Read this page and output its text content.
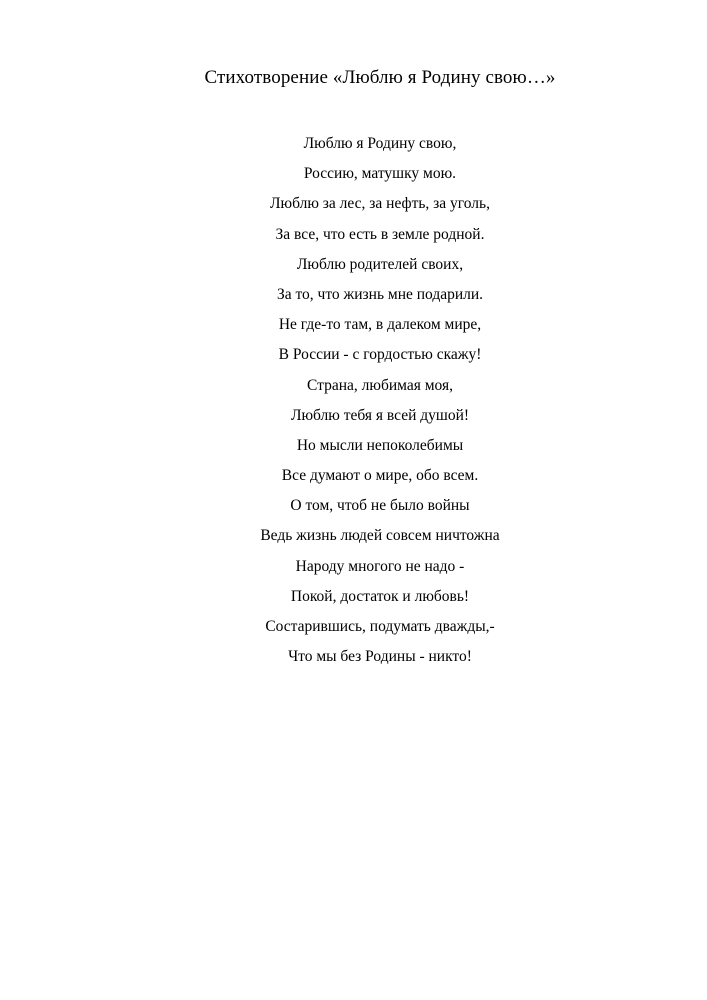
Стихотворение «Люблю я Родину свою…»
Люблю я Родину свою,
Россию, матушку мою.
Люблю за лес, за нефть, за уголь,
За все, что есть в земле родной.
Люблю родителей своих,
За то, что жизнь мне подарили.
Не где-то там, в далеком мире,
В России - с гордостью скажу!
Страна, любимая моя,
Люблю тебя я всей душой!
Но мысли непоколебимы
Все думают о мире, обо всем.
О том, чтоб не было войны
Ведь жизнь людей совсем ничтожна
Народу многого не надо -
Покой, достаток и любовь!
Состарившись, подумать дважды,-
Что мы без Родины - никто!
